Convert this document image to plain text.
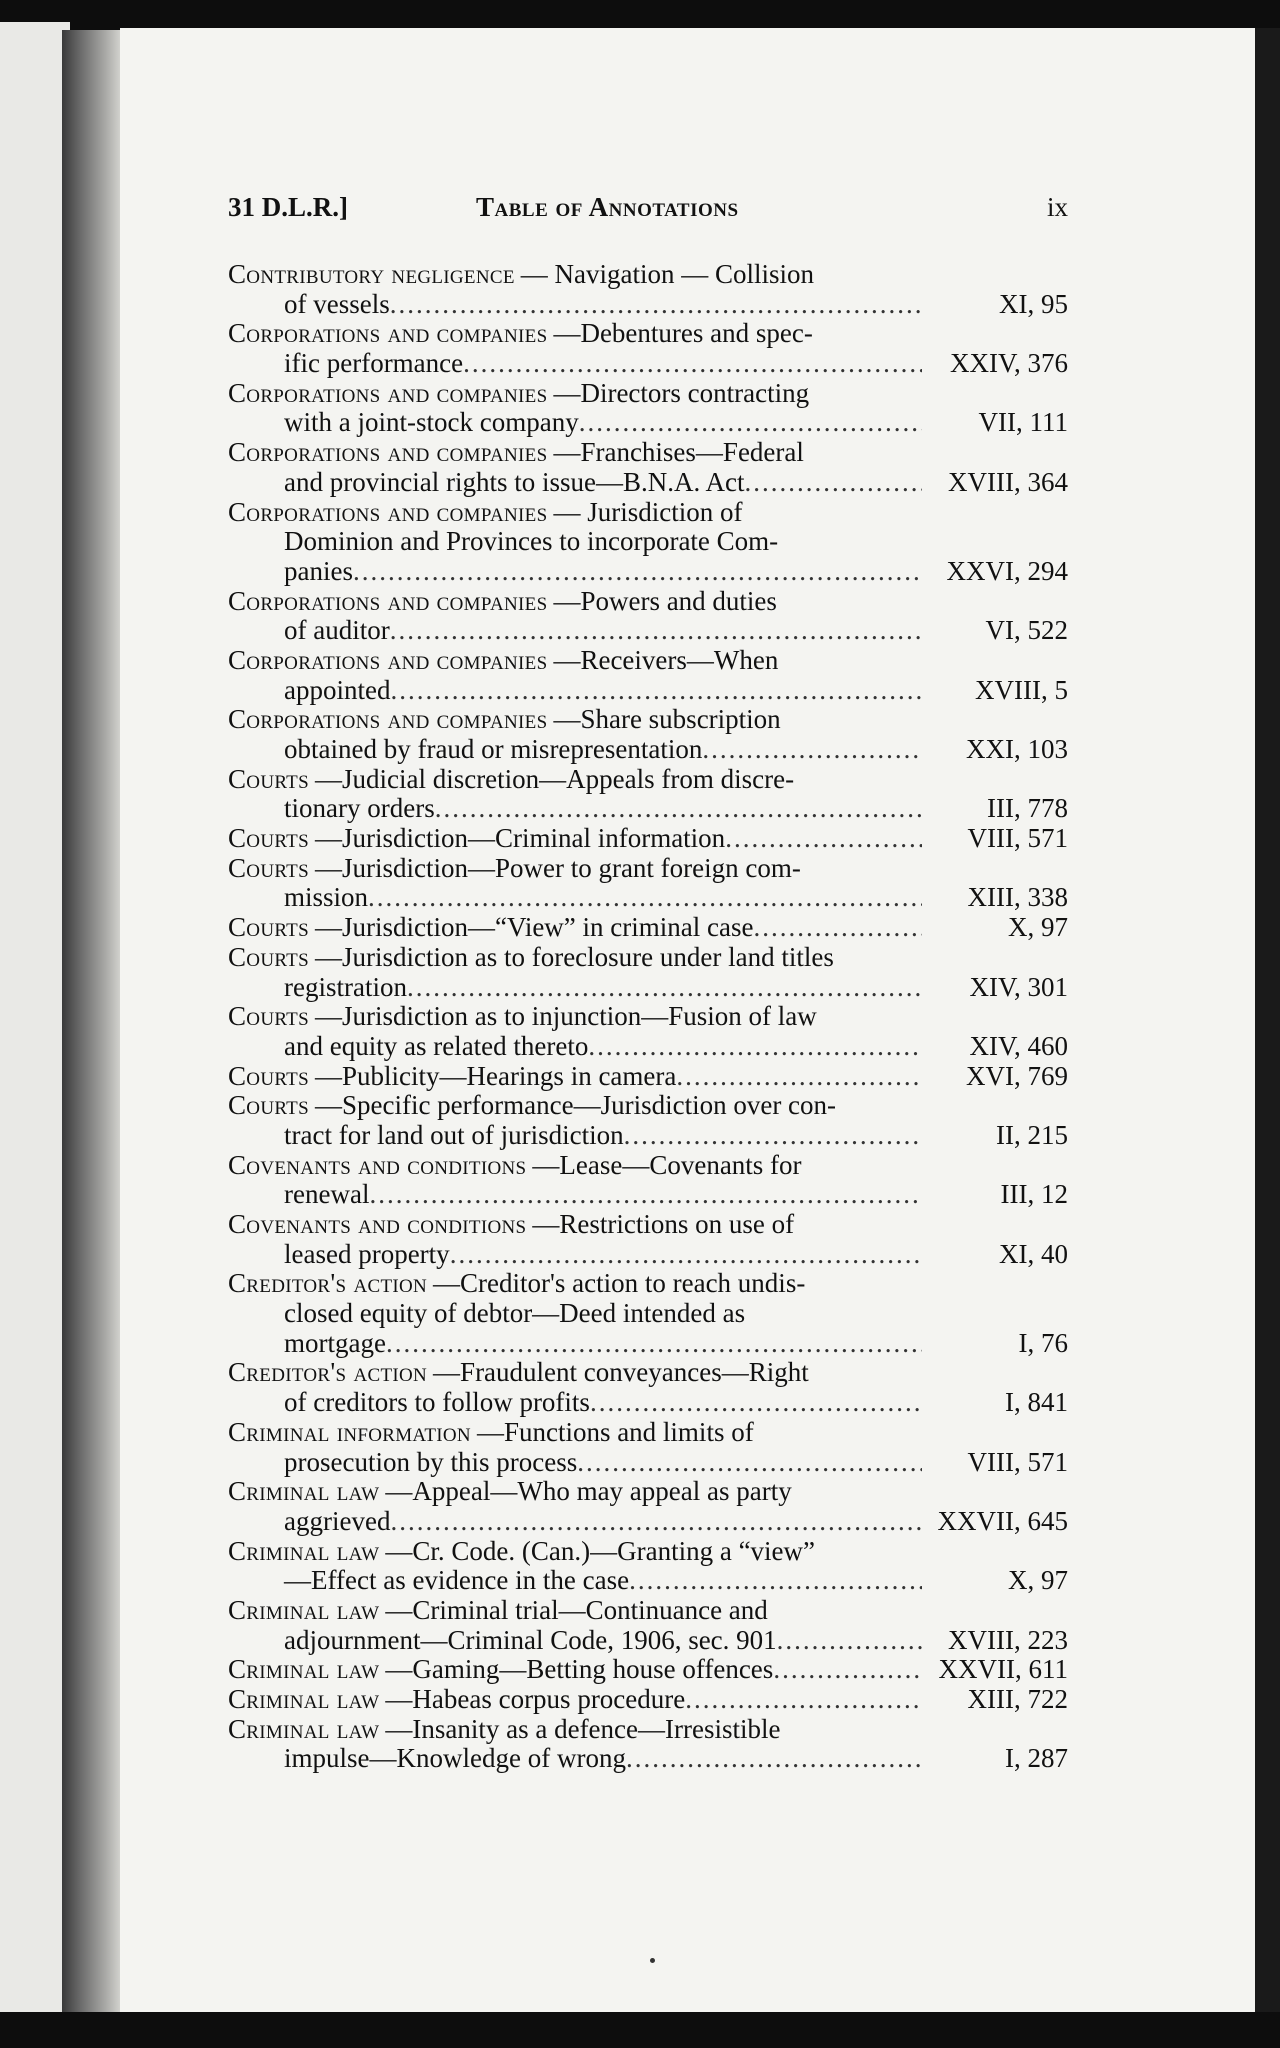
31 D.L.R.]	Table of Annotations	ix
Contributory negligence — Navigation — Collision
of vessels .....	XI, 95
Corporations and companies —Debentures and spec-
ific performance .....	XXIV, 376
Corporations and companies —Directors contracting
with a joint-stock company .....	VII, 111
Corporations and companies —Franchises—Federal
and provincial rights to issue—B.N.A. Act .....	XVIII, 364
Corporations and companies — Jurisdiction of
Dominion and Provinces to incorporate Com-
panies .....	XXVI, 294
Corporations and companies —Powers and duties
of auditor .....	VI, 522
Corporations and companies —Receivers—When
appointed .....	XVIII, 5
Corporations and companies —Share subscription
obtained by fraud or misrepresentation .....	XXI, 103
Courts —Judicial discretion—Appeals from discre-
tionary orders .....	III, 778
Courts —Jurisdiction—Criminal information .....	VIII, 571
Courts —Jurisdiction—Power to grant foreign com-
mission .....	XIII, 338
Courts —Jurisdiction—“View” in criminal case .....	X, 97
Courts —Jurisdiction as to foreclosure under land titles
registration .....	XIV, 301
Courts —Jurisdiction as to injunction—Fusion of law
and equity as related thereto .....	XIV, 460
Courts —Publicity—Hearings in camera .....	XVI, 769
Courts —Specific performance—Jurisdiction over con-
tract for land out of jurisdiction .....	II, 215
Covenants and conditions —Lease—Covenants for
renewal .....	III, 12
Covenants and conditions —Restrictions on use of
leased property .....	XI, 40
Creditor's action —Creditor's action to reach undis-
closed equity of debtor—Deed intended as
mortgage .....	I, 76
Creditor's action —Fraudulent conveyances—Right
of creditors to follow profits .....	I, 841
Criminal information —Functions and limits of
prosecution by this process .....	VIII, 571
Criminal law —Appeal—Who may appeal as party
aggrieved .....	XXVII, 645
Criminal law —Cr. Code. (Can.)—Granting a “view”
—Effect as evidence in the case .....	X, 97
Criminal law —Criminal trial—Continuance and
adjournment—Criminal Code, 1906, sec. 901 .....	XVIII, 223
Criminal law —Gaming—Betting house offences .....	XXVII, 611
Criminal law —Habeas corpus procedure .....	XIII, 722
Criminal law —Insanity as a defence—Irresistible
impulse—Knowledge of wrong .....	I, 287
